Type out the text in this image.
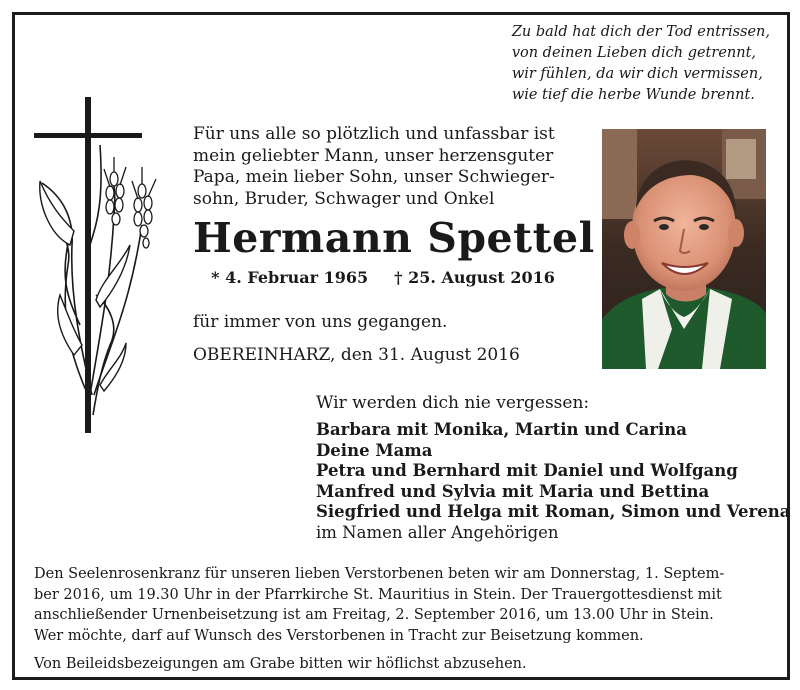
Zu bald hat dich der Tod entrissen,
von deinen Lieben dich getrennt,
wir fühlen, da wir dich vermissen,
wie tief die herbe Wunde brennt.
Für uns alle so plötzlich und unfassbar ist
mein geliebter Mann, unser herzensguter
Papa, mein lieber Sohn, unser Schwieger-
sohn, Bruder, Schwager und Onkel
Hermann Spettel
* 4. Februar 1965 † 25. August 2016
für immer von uns gegangen.
OBEREINHARZ, den 31. August 2016
Wir werden dich nie vergessen:
Barbara mit Monika, Martin und Carina
Deine Mama
Petra und Bernhard mit Daniel und Wolfgang
Manfred und Sylvia mit Maria und Bettina
Siegfried und Helga mit Roman, Simon und Verena
im Namen aller Angehörigen
Den Seelenrosenkranz für unseren lieben Verstorbenen beten wir am Donnerstag, 1. Septem-
ber 2016, um 19.30 Uhr in der Pfarrkirche St. Mauritius in Stein. Der Trauergottesdienst mit
anschließender Urnenbeisetzung ist am Freitag, 2. September 2016, um 13.00 Uhr in Stein.
Wer möchte, darf auf Wunsch des Verstorbenen in Tracht zur Beisetzung kommen.
Von Beileidsbezeigungen am Grabe bitten wir höflichst abzusehen.
